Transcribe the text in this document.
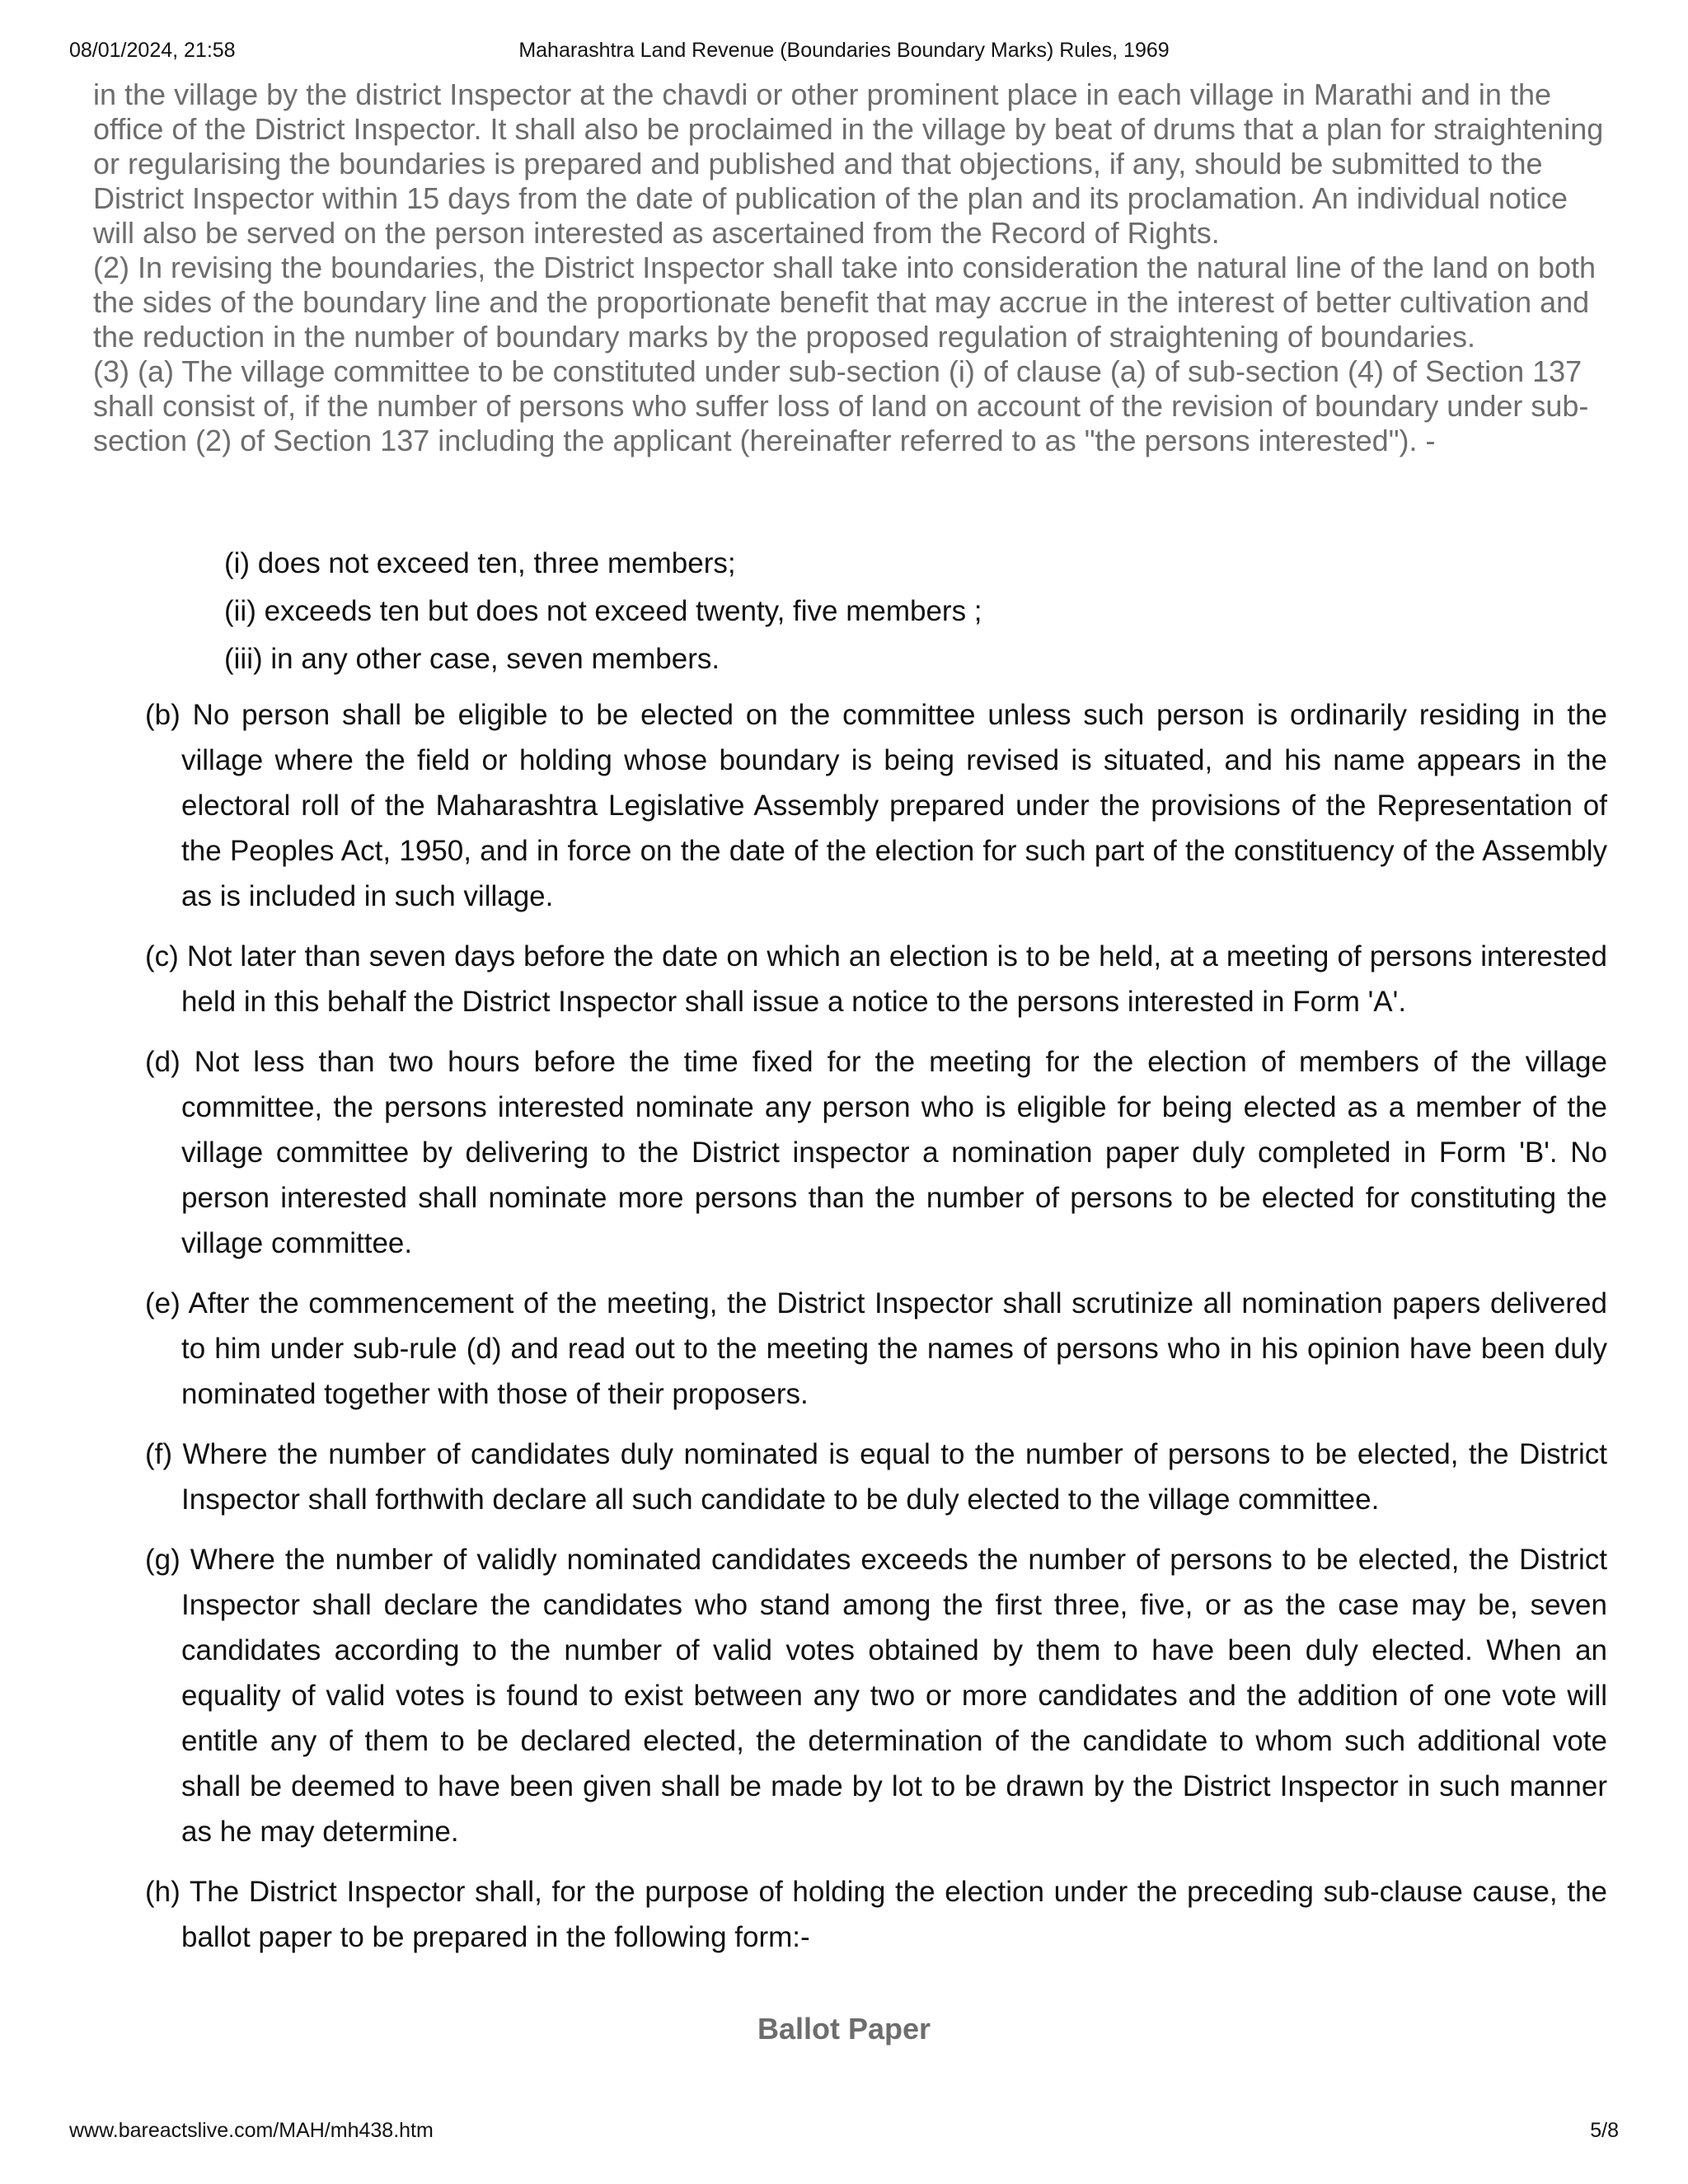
08/01/2024, 21:58	Maharashtra Land Revenue (Boundaries Boundary Marks) Rules, 1969

in the village by the district Inspector at the chavdi or other prominent place in each village in Marathi and in the office of the District Inspector. It shall also be proclaimed in the village by beat of drums that a plan for straightening or regularising the boundaries is prepared and published and that objections, if any, should be submitted to the District Inspector within 15 days from the date of publication of the plan and its proclamation. An individual notice will also be served on the person interested as ascertained from the Record of Rights.

(2) In revising the boundaries, the District Inspector shall take into consideration the natural line of the land on both the sides of the boundary line and the proportionate benefit that may accrue in the interest of better cultivation and the reduction in the number of boundary marks by the proposed regulation of straightening of boundaries.

(3) (a) The village committee to be constituted under sub-section (i) of clause (a) of sub-section (4) of Section 137 shall consist of, if the number of persons who suffer loss of land on account of the revision of boundary under sub-section (2) of Section 137 including the applicant (hereinafter referred to as "the persons interested"). -

(i) does not exceed ten, three members;
(ii) exceeds ten but does not exceed twenty, five members ;
(iii) in any other case, seven members.

(b) No person shall be eligible to be elected on the committee unless such person is ordinarily residing in the village where the field or holding whose boundary is being revised is situated, and his name appears in the electoral roll of the Maharashtra Legislative Assembly prepared under the provisions of the Representation of the Peoples Act, 1950, and in force on the date of the election for such part of the constituency of the Assembly as is included in such village.

(c) Not later than seven days before the date on which an election is to be held, at a meeting of persons interested held in this behalf the District Inspector shall issue a notice to the persons interested in Form 'A'.

(d) Not less than two hours before the time fixed for the meeting for the election of members of the village committee, the persons interested nominate any person who is eligible for being elected as a member of the village committee by delivering to the District inspector a nomination paper duly completed in Form 'B'. No person interested shall nominate more persons than the number of persons to be elected for constituting the village committee.

(e) After the commencement of the meeting, the District Inspector shall scrutinize all nomination papers delivered to him under sub-rule (d) and read out to the meeting the names of persons who in his opinion have been duly nominated together with those of their proposers.

(f) Where the number of candidates duly nominated is equal to the number of persons to be elected, the District Inspector shall forthwith declare all such candidate to be duly elected to the village committee.

(g) Where the number of validly nominated candidates exceeds the number of persons to be elected, the District Inspector shall declare the candidates who stand among the first three, five, or as the case may be, seven candidates according to the number of valid votes obtained by them to have been duly elected. When an equality of valid votes is found to exist between any two or more candidates and the addition of one vote will entitle any of them to be declared elected, the determination of the candidate to whom such additional vote shall be deemed to have been given shall be made by lot to be drawn by the District Inspector in such manner as he may determine.

(h) The District Inspector shall, for the purpose of holding the election under the preceding sub-clause cause, the ballot paper to be prepared in the following form:-

Ballot Paper
www.bareactslive.com/MAH/mh438.htm	5/8
